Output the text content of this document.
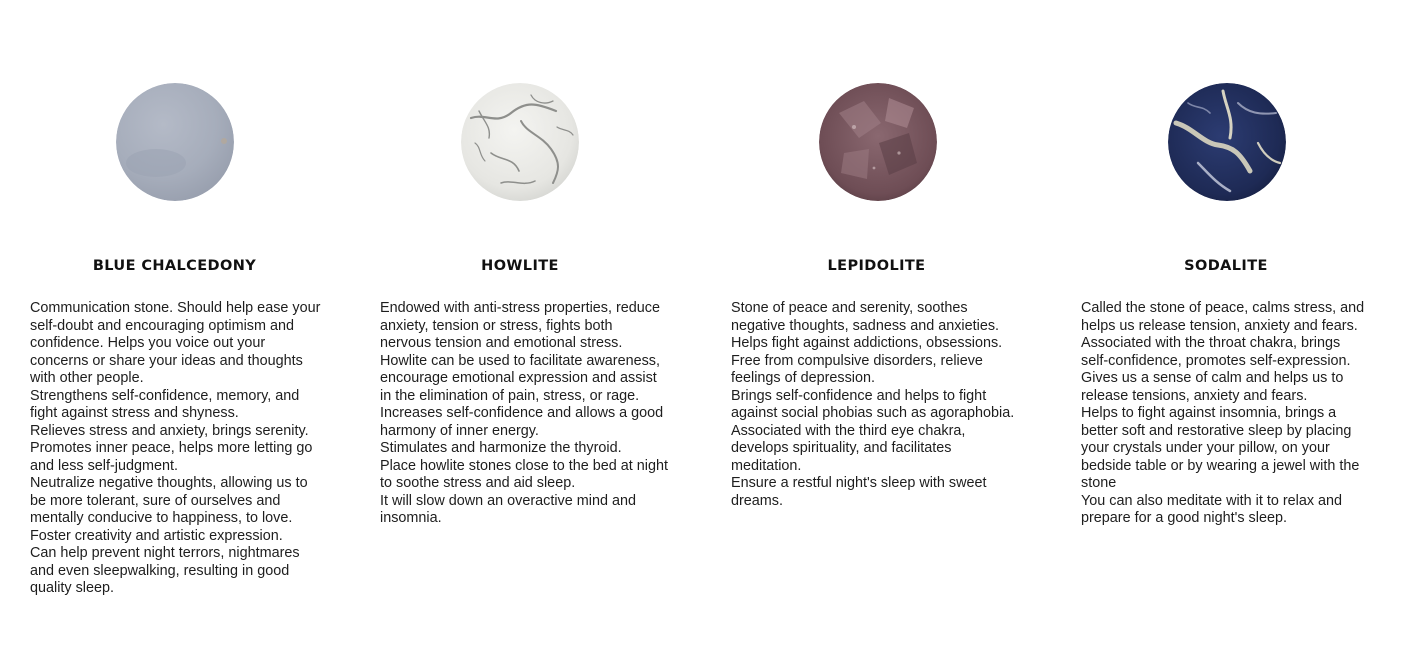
BLUE CHALCEDONY
Communication stone. Should help ease your
self-doubt and encouraging optimism and
confidence. Helps you voice out your
concerns or share your ideas and thoughts
with other people.
Strengthens self-confidence, memory, and
fight against stress and shyness.
Relieves stress and anxiety, brings serenity.
Promotes inner peace, helps more letting go
and less self-judgment.
Neutralize negative thoughts, allowing us to
be more tolerant, sure of ourselves and
mentally conducive to happiness, to love.
Foster creativity and artistic expression.
Can help prevent night terrors, nightmares
and even sleepwalking, resulting in good
quality sleep.
HOWLITE
Endowed with anti-stress properties, reduce
anxiety, tension or stress, fights both
nervous tension and emotional stress.
Howlite can be used to facilitate awareness,
encourage emotional expression and assist
in the elimination of pain, stress, or rage.
Increases self-confidence and allows a good
harmony of inner energy.
Stimulates and harmonize the thyroid.
Place howlite stones close to the bed at night
to soothe stress and aid sleep.
It will slow down an overactive mind and
insomnia.
LEPIDOLITE
Stone of peace and serenity, soothes
negative thoughts, sadness and anxieties.
Helps fight against addictions, obsessions.
Free from compulsive disorders, relieve
feelings of depression.
Brings self-confidence and helps to fight
against social phobias such as agoraphobia.
Associated with the third eye chakra,
develops spirituality, and facilitates
meditation.
Ensure a restful night's sleep with sweet
dreams.
SODALITE
Called the stone of peace, calms stress, and
helps us release tension, anxiety and fears.
Associated with the throat chakra, brings
self-confidence, promotes self-expression.
Gives us a sense of calm and helps us to
release tensions, anxiety and fears.
Helps to fight against insomnia, brings a
better soft and restorative sleep by placing
your crystals under your pillow, on your
bedside table or by wearing a jewel with the
stone
You can also meditate with it to relax and
prepare for a good night's sleep.
